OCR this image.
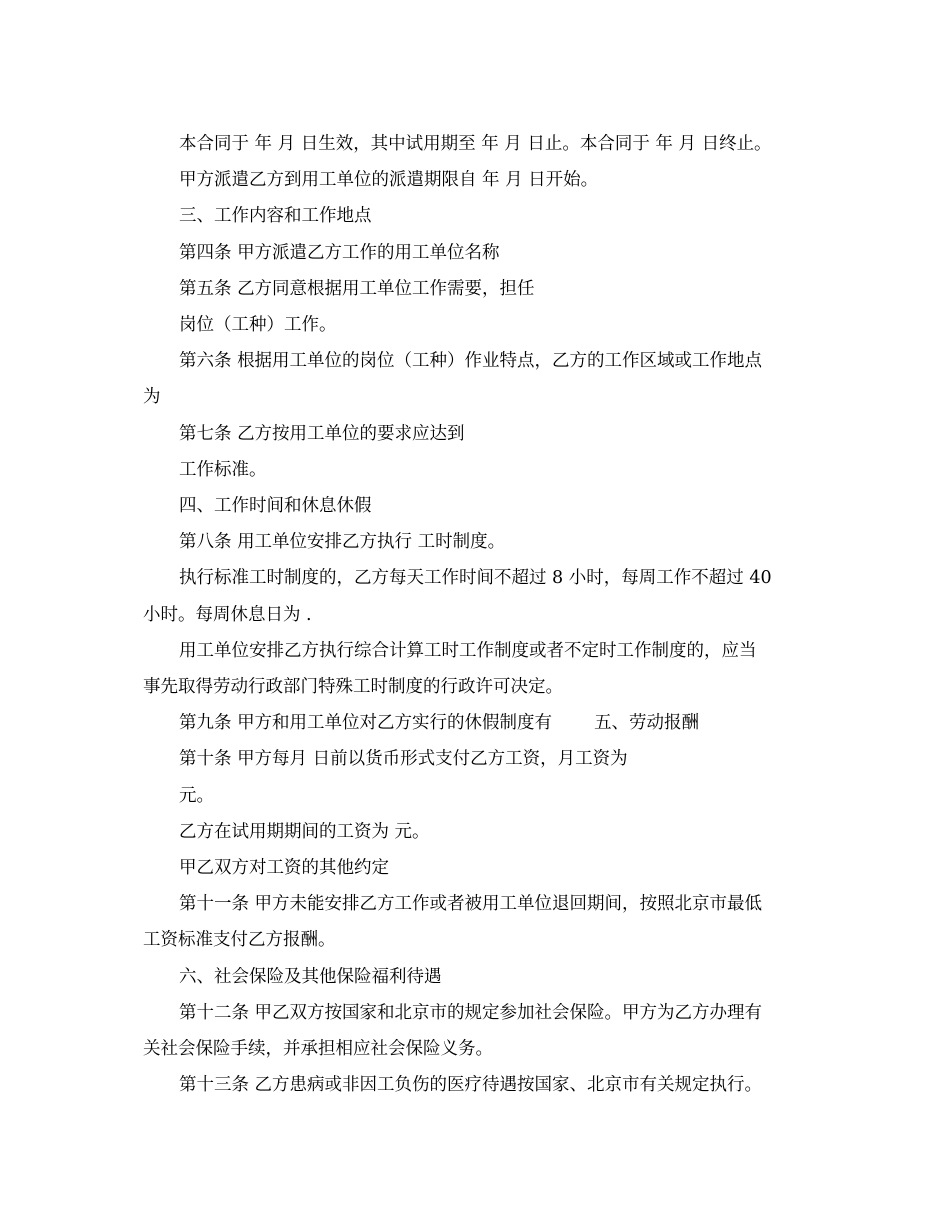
本合同于 年 月 日生效，其中试用期至 年 月 日止。本合同于 年 月 日终止。

甲方派遣乙方到用工单位的派遣期限自 年 月 日开始。

三、工作内容和工作地点

第四条 甲方派遣乙方工作的用工单位名称

第五条 乙方同意根据用工单位工作需要，担任

岗位（工种）工作。

第六条 根据用工单位的岗位（工种）作业特点，乙方的工作区域或工作地点

为

第七条 乙方按用工单位的要求应达到

工作标准。

四、工作时间和休息休假

第八条 用工单位安排乙方执行 工时制度。

执行标准工时制度的，乙方每天工作时间不超过 8 小时，每周工作不超过 40

小时。每周休息日为 .

用工单位安排乙方执行综合计算工时工作制度或者不定时工作制度的，应当

事先取得劳动行政部门特殊工时制度的行政许可决定。

第九条 甲方和用工单位对乙方实行的休假制度有 五、劳动报酬

第十条 甲方每月 日前以货币形式支付乙方工资，月工资为

元。

乙方在试用期期间的工资为 元。

甲乙双方对工资的其他约定

第十一条 甲方未能安排乙方工作或者被用工单位退回期间，按照北京市最低

工资标准支付乙方报酬。

六、社会保险及其他保险福利待遇

第十二条 甲乙双方按国家和北京市的规定参加社会保险。甲方为乙方办理有

关社会保险手续，并承担相应社会保险义务。

第十三条 乙方患病或非因工负伤的医疗待遇按国家、北京市有关规定执行。
